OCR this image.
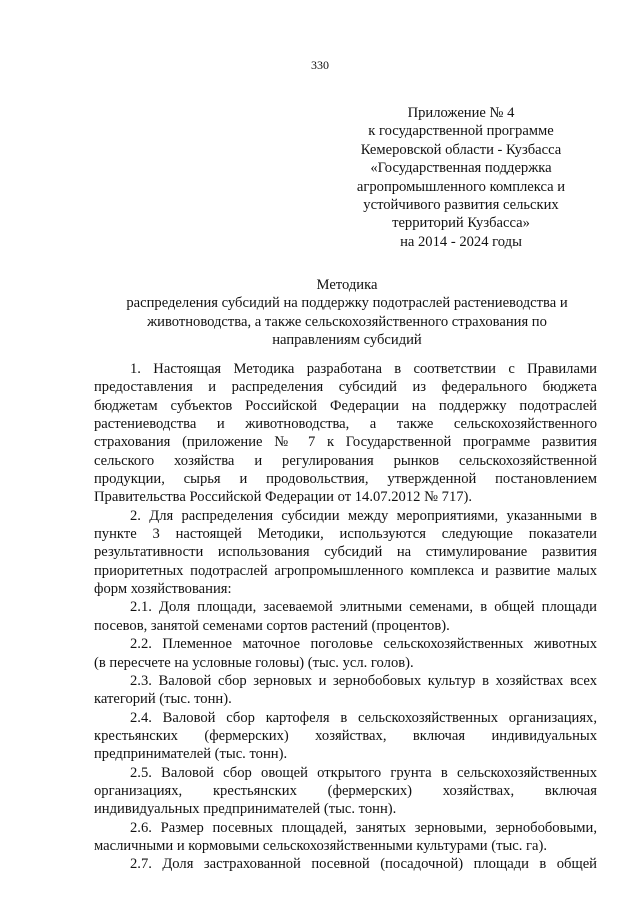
330
Приложение № 4
к государственной программе
Кемеровской области - Кузбасса
«Государственная поддержка
агропромышленного комплекса и
устойчивого развития сельских
территорий Кузбасса»
на 2014 - 2024 годы
Методика
распределения субсидий на поддержку подотраслей растениеводства и
животноводства, а также сельскохозяйственного страхования по
направлениям субсидий
1. Настоящая Методика разработана в соответствии с Правилами
предоставления и распределения субсидий из федерального бюджета
бюджетам субъектов Российской Федерации на поддержку подотраслей
растениеводства и животноводства, а также сельскохозяйственного
страхования (приложение № 7 к Государственной программе развития
сельского хозяйства и регулирования рынков сельскохозяйственной
продукции, сырья и продовольствия, утвержденной постановлением
Правительства Российской Федерации от 14.07.2012 № 717).
2. Для распределения субсидии между мероприятиями, указанными в
пункте 3 настоящей Методики, используются следующие показатели
результативности использования субсидий на стимулирование развития
приоритетных подотраслей агропромышленного комплекса и развитие малых
форм хозяйствования:
2.1. Доля площади, засеваемой элитными семенами, в общей площади
посевов, занятой семенами сортов растений (процентов).
2.2. Племенное маточное поголовье сельскохозяйственных животных
(в пересчете на условные головы) (тыс. усл. голов).
2.3. Валовой сбор зерновых и зернобобовых культур в хозяйствах всех
категорий (тыс. тонн).
2.4. Валовой сбор картофеля в сельскохозяйственных организациях,
крестьянских (фермерских) хозяйствах, включая индивидуальных
предпринимателей (тыс. тонн).
2.5. Валовой сбор овощей открытого грунта в сельскохозяйственных
организациях, крестьянских (фермерских) хозяйствах, включая
индивидуальных предпринимателей (тыс. тонн).
2.6. Размер посевных площадей, занятых зерновыми, зернобобовыми,
масличными и кормовыми сельскохозяйственными культурами (тыс. га).
2.7. Доля застрахованной посевной (посадочной) площади в общей
